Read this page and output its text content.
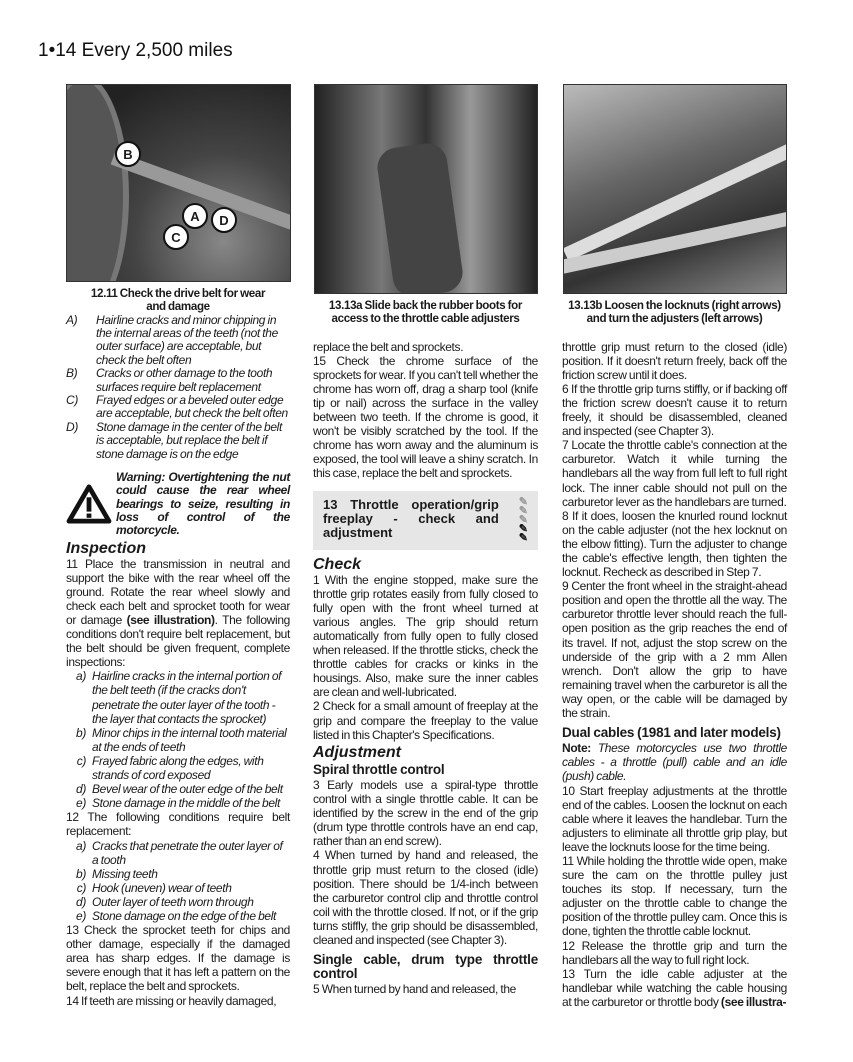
1•14 Every 2,500 miles
A
B
C
D
12.11 Check the drive belt for wear and damage
A)	Hairline cracks and minor chipping in the internal areas of the teeth (not the outer surface) are acceptable, but check the belt often
B)	Cracks or other damage to the tooth surfaces require belt replacement
C)	Frayed edges or a beveled outer edge are acceptable, but check the belt often
D)	Stone damage in the center of the belt is acceptable, but replace the belt if stone damage is on the edge
Warning: Overtightening the nut could cause the rear wheel bearings to seize, resulting in loss of control of the motorcycle.
Inspection

11 Place the transmission in neutral and support the bike with the rear wheel off the ground. Rotate the rear wheel slowly and check each belt and sprocket tooth for wear or damage (see illustration). The following conditions don't require belt replacement, but the belt should be given frequent, complete inspections:

a) Hairline cracks in the internal portion of the belt teeth (if the cracks don't penetrate the outer layer of the tooth - the layer that contacts the sprocket)
b) Minor chips in the internal tooth material at the ends of teeth
c) Frayed fabric along the edges, with strands of cord exposed
d) Bevel wear of the outer edge of the belt
e) Stone damage in the middle of the belt

12 The following conditions require belt replacement:

a) Cracks that penetrate the outer layer of a tooth
b) Missing teeth
c) Hook (uneven) wear of teeth
d) Outer layer of teeth worn through
e) Stone damage on the edge of the belt

13 Check the sprocket teeth for chips and other damage, especially if the damaged area has sharp edges. If the damage is severe enough that it has left a pattern on the belt, replace the belt and sprockets.

14 If teeth are missing or heavily damaged,

13.13a Slide back the rubber boots for access to the throttle cable adjusters

replace the belt and sprockets.

15 Check the chrome surface of the sprockets for wear. If you can't tell whether the chrome has worn off, drag a sharp tool (knife tip or nail) across the surface in the valley between two teeth. If the chrome is good, it won't be visibly scratched by the tool. If the chrome has worn away and the aluminum is exposed, the tool will leave a shiny scratch. In this case, replace the belt and sprockets.

13 Throttle operation/grip freeplay - check and adjustment
✎
✎
✎
✎
✎
Check

1 With the engine stopped, make sure the throttle grip rotates easily from fully closed to fully open with the front wheel turned at various angles. The grip should return automatically from fully open to fully closed when released. If the throttle sticks, check the throttle cables for cracks or kinks in the housings. Also, make sure the inner cables are clean and well-lubricated.

2 Check for a small amount of freeplay at the grip and compare the freeplay to the value listed in this Chapter's Specifications.

Adjustment
Spiral throttle control

3 Early models use a spiral-type throttle control with a single throttle cable. It can be identified by the screw in the end of the grip (drum type throttle controls have an end cap, rather than an end screw).

4 When turned by hand and released, the throttle grip must return to the closed (idle) position. There should be 1/4-inch between the carburetor control clip and throttle control coil with the throttle closed. If not, or if the grip turns stiffly, the grip should be disassembled, cleaned and inspected (see Chapter 3).

Single cable, drum type throttle control

5 When turned by hand and released, the

13.13b Loosen the locknuts (right arrows) and turn the adjusters (left arrows)

throttle grip must return to the closed (idle) position. If it doesn't return freely, back off the friction screw until it does.

6 If the throttle grip turns stiffly, or if backing off the friction screw doesn't cause it to return freely, it should be disassembled, cleaned and inspected (see Chapter 3).

7 Locate the throttle cable's connection at the carburetor. Watch it while turning the handlebars all the way from full left to full right lock. The inner cable should not pull on the carburetor lever as the handlebars are turned.

8 If it does, loosen the knurled round locknut on the cable adjuster (not the hex locknut on the elbow fitting). Turn the adjuster to change the cable's effective length, then tighten the locknut. Recheck as described in Step 7.

9 Center the front wheel in the straight-ahead position and open the throttle all the way. The carburetor throttle lever should reach the full-open position as the grip reaches the end of its travel. If not, adjust the stop screw on the underside of the grip with a 2 mm Allen wrench. Don't allow the grip to have remaining travel when the carburetor is all the way open, or the cable will be damaged by the strain.

Dual cables (1981 and later models)

Note: These motorcycles use two throttle cables - a throttle (pull) cable and an idle (push) cable.

10 Start freeplay adjustments at the throttle end of the cables. Loosen the locknut on each cable where it leaves the handlebar. Turn the adjusters to eliminate all throttle grip play, but leave the locknuts loose for the time being.

11 While holding the throttle wide open, make sure the cam on the throttle pulley just touches its stop. If necessary, turn the adjuster on the throttle cable to change the position of the throttle pulley cam. Once this is done, tighten the throttle cable locknut.

12 Release the throttle grip and turn the handlebars all the way to full right lock.

13 Turn the idle cable adjuster at the handlebar while watching the cable housing at the carburetor or throttle body (see illustra-
